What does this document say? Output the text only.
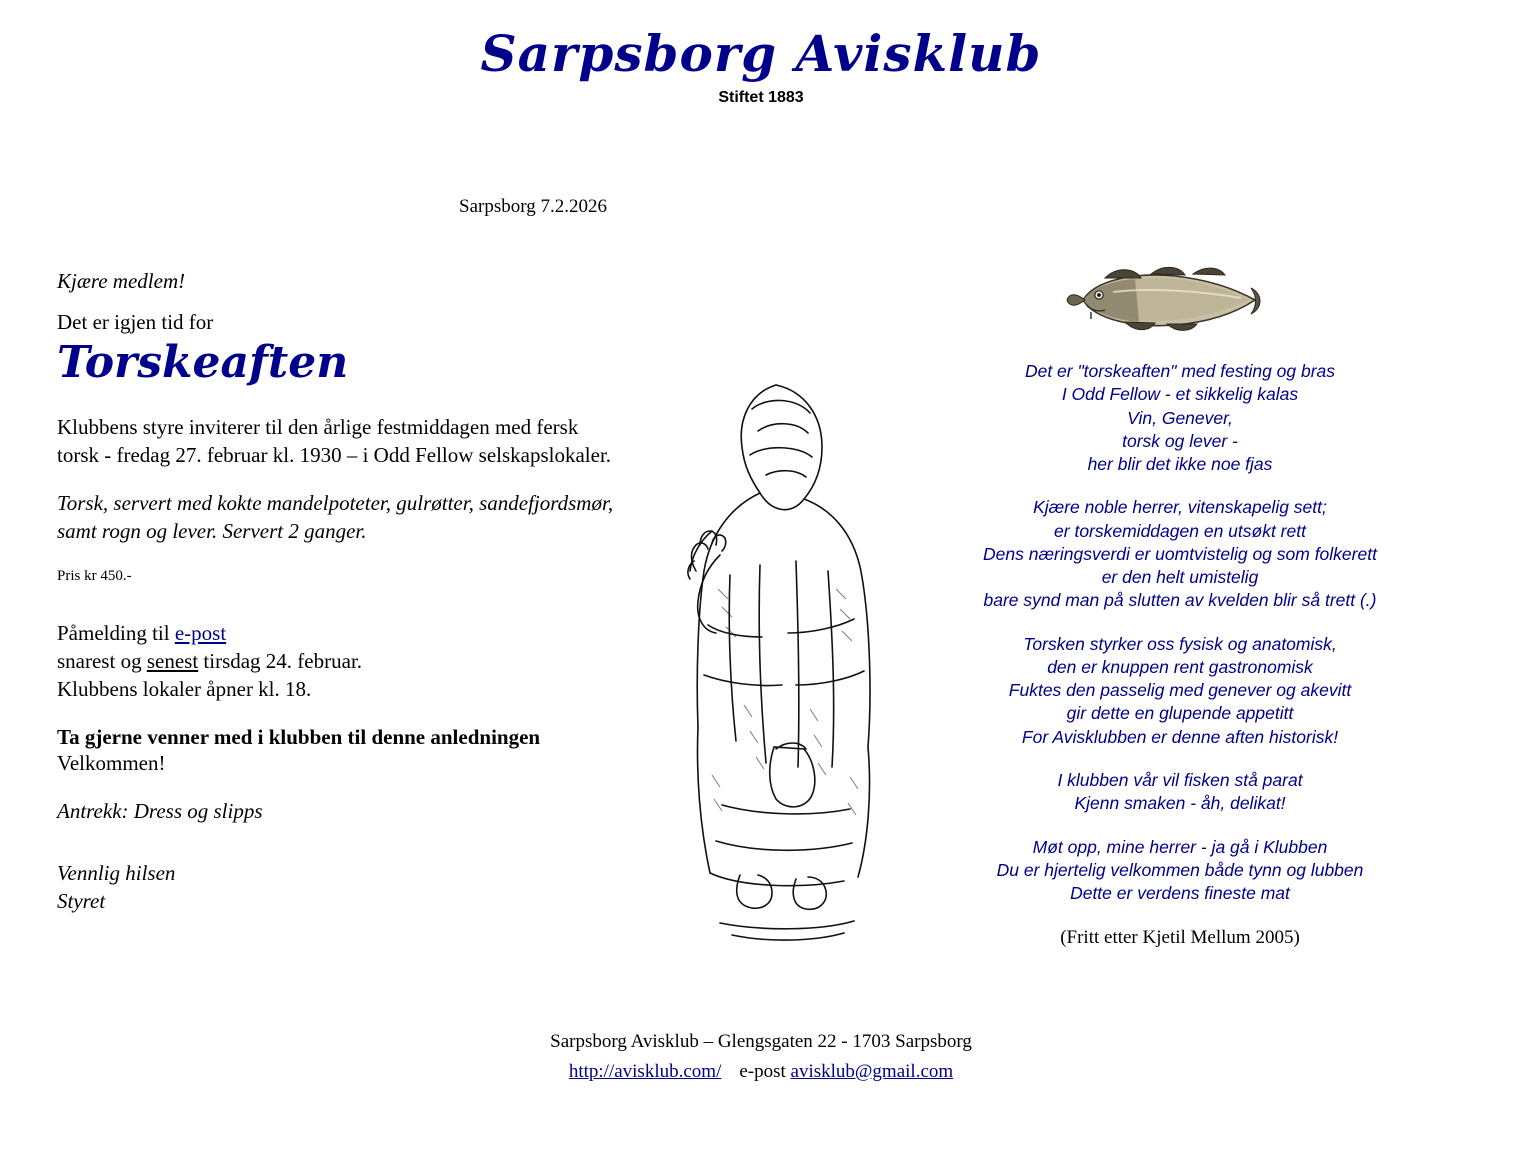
Sarpsborg Avisklub
Stiftet 1883
Sarpsborg 7.2.2026
Kjære medlem!
Det er igjen tid for
Torskeaften
Klubbens styre inviterer til den årlige festmiddagen med fersk torsk - fredag 27. februar kl. 1930 – i Odd Fellow selskapslokaler.
Torsk, servert med kokte mandelpoteter, gulrøtter, sandefjordsmør, samt rogn og lever. Servert 2 ganger.
Pris kr 450.-
Påmelding til e-post
snarest og senest tirsdag 24. februar.
Klubbens lokaler åpner kl. 18.
Ta gjerne venner med i klubben til denne anledningen
Velkommen!
Antrekk: Dress og slipps
Vennlig hilsen
Styret
Det er "torskeaften" med festing og bras
I Odd Fellow - et sikkelig kalas
Vin, Genever,
torsk og lever -
her blir det ikke noe fjas
Kjære noble herrer, vitenskapelig sett;
er torskemiddagen en utsøkt rett
Dens næringsverdi er uomtvistelig og som folkerett
er den helt umistelig
bare synd man på slutten av kvelden blir så trett (.)
Torsken styrker oss fysisk og anatomisk,
den er knuppen rent gastronomisk
Fuktes den passelig med genever og akevitt
gir dette en glupende appetitt
For Avisklubben er denne aften historisk!
I klubben vår vil fisken stå parat
Kjenn smaken - åh, delikat!
Møt opp, mine herrer - ja gå i Klubben
Du er hjertelig velkommen både tynn og lubben
Dette er verdens fineste mat
(Fritt etter Kjetil Mellum 2005)
Sarpsborg Avisklub – Glengsgaten 22 - 1703 Sarpsborg
http://avisklub.com/ e-post avisklub@gmail.com
